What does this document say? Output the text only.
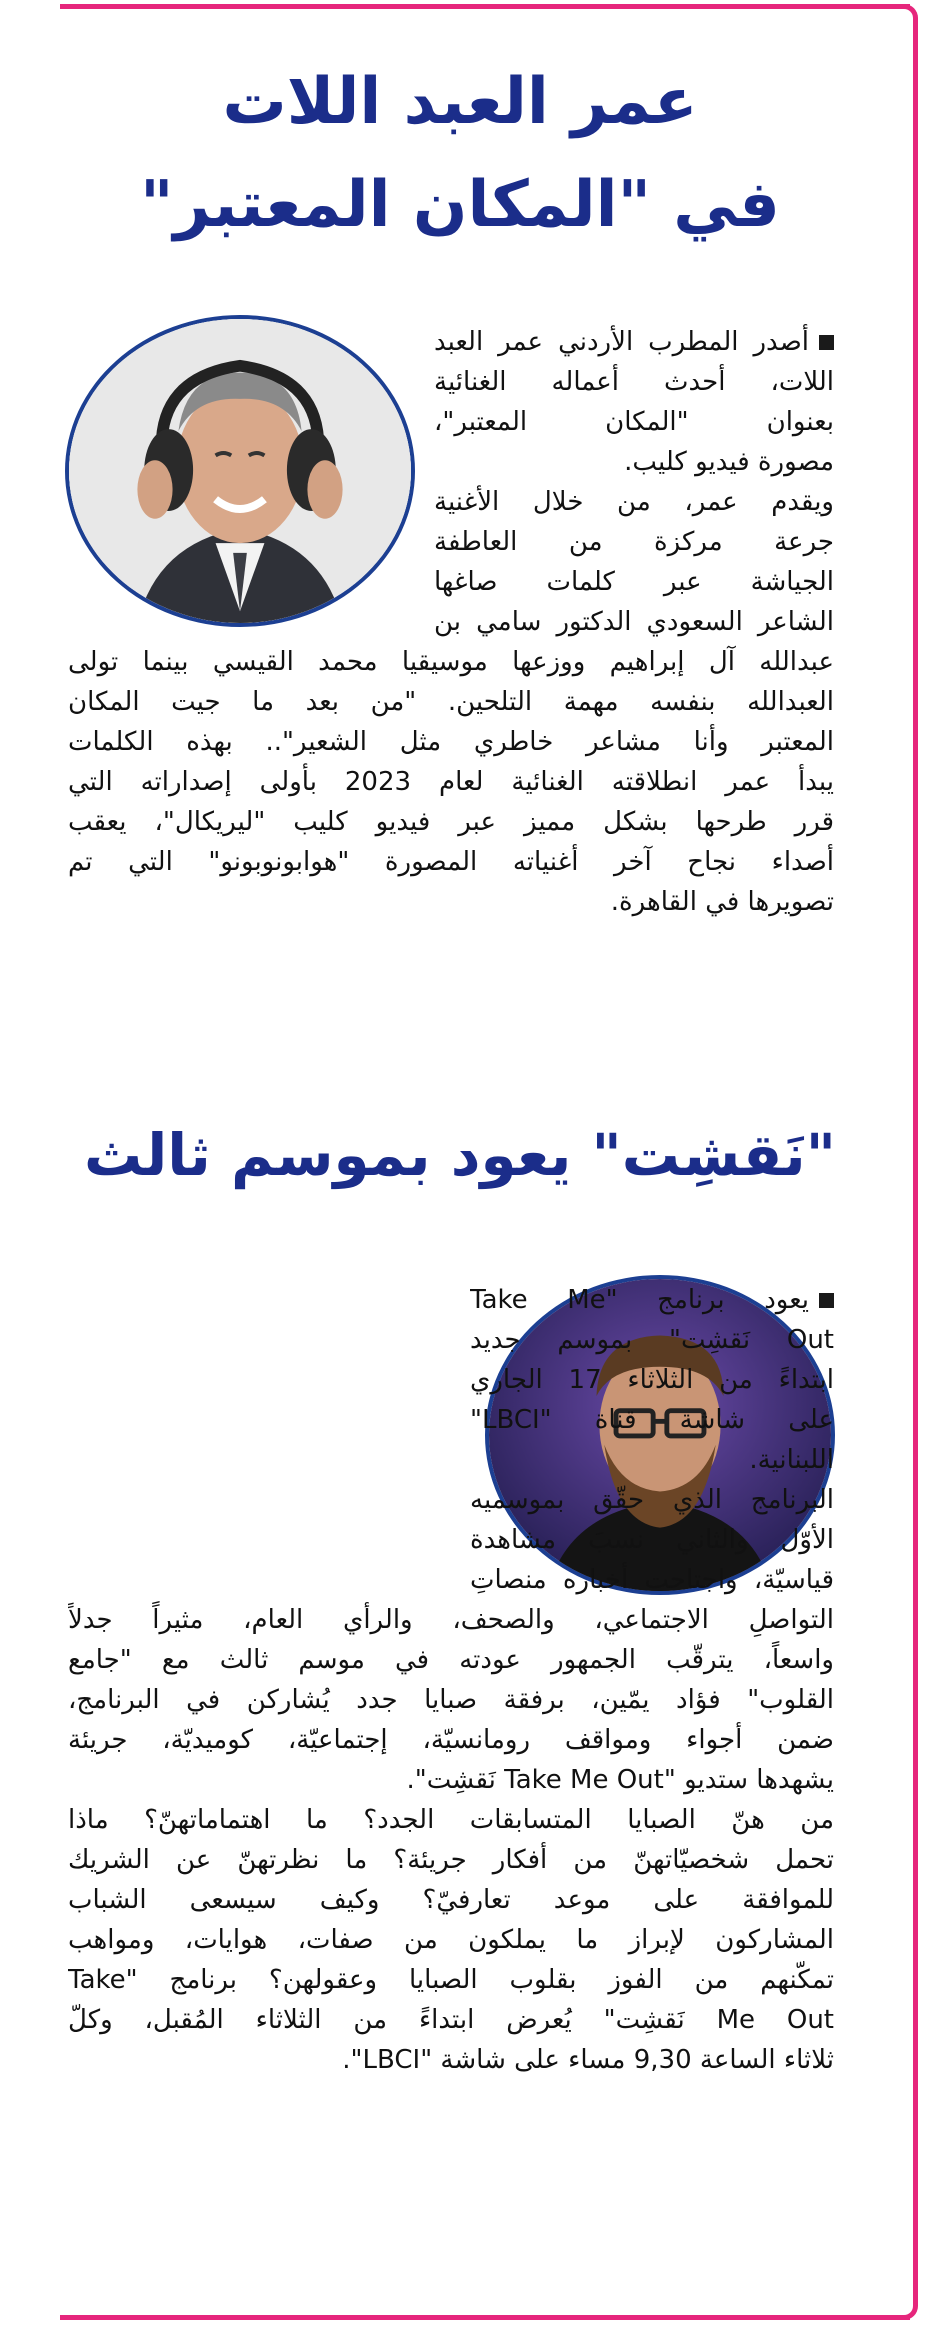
عمر العبد اللات
في "المكان المعتبر"

أصدر المطرب الأردني عمر العبد

اللات، أحدث أعماله الغنائية

بعنوان "المكان المعتبر"،

مصورة فيديو كليب.

ويقدم عمر، من خلال الأغنية

جرعة مركزة من العاطفة

الجياشة عبر كلمات صاغها

الشاعر السعودي الدكتور سامي بن

عبدالله آل إبراهيم ووزعها موسيقيا محمد القيسي بينما تولى

العبدالله بنفسه مهمة التلحين. "من بعد ما جيت المكان

المعتبر وأنا مشاعر خاطري مثل الشعير".. بهذه الكلمات

يبدأ عمر انطلاقته الغنائية لعام 2023 بأولى إصداراته التي

قرر طرحها بشكل مميز عبر فيديو كليب "ليريكال"، يعقب

أصداء نجاح آخر أغنياته المصورة "هوابونوبونو" التي تم

تصويرها في القاهرة.

"نَقشِت" يعود بموسم ثالث

يعود برنامج "Take Me

Out نَقشِت" بموسم جديد

ابتداءً من الثلاثاء 17 الجاري

على شاشة قناة "LBCI"

اللبنانية.

البرنامج الذي حقّق بموسميه

الأوّل والثاني نسبَ مشاهدة

قياسيّة، واجتاحت أخباره منصاتِ

التواصلِ الاجتماعي، والصحف، والرأي العام، مثيراً جدلاً

واسعاً، يترقّب الجمهور عودته في موسم ثالث مع "جامع

القلوب" فؤاد يمّين، برفقة صبايا جدد يُشاركن في البرنامج،

ضمن أجواء ومواقف رومانسيّة، إجتماعيّة، كوميديّة، جريئة

يشهدها ستديو "Take Me Out نَقشِت".

من هنّ الصبايا المتسابقات الجدد؟ ما اهتماماتهنّ؟ ماذا

تحمل شخصيّاتهنّ من أفكار جريئة؟ ما نظرتهنّ عن الشريك

للموافقة على موعد تعارفيّ؟ وكيف سيسعى الشباب

المشاركون لإبراز ما يملكون من صفات، هوايات، ومواهب

تمكّنهم من الفوز بقلوب الصبايا وعقولهن؟ برنامج "Take

Me Out نَقشِت" يُعرض ابتداءً من الثلاثاء المُقبل، وكلّ

ثلاثاء الساعة 9,30 مساء على شاشة "LBCI".
